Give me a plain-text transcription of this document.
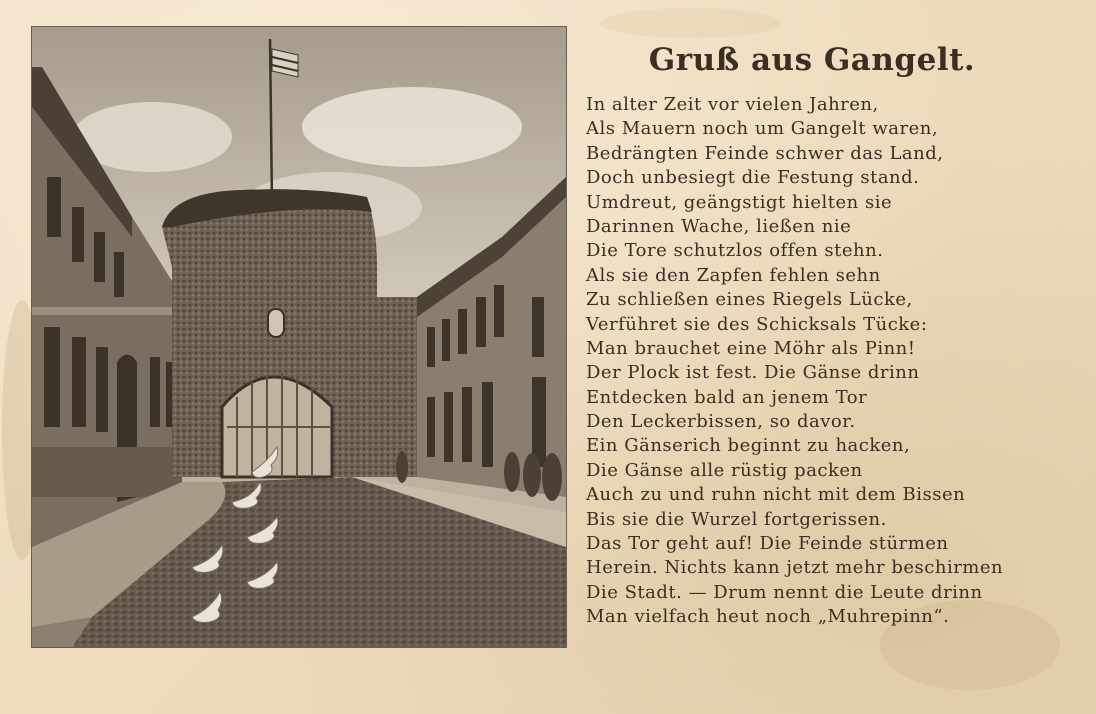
Gruß aus Gangelt.
In alter Zeit vor vielen Jahren,
Als Mauern noch um Gangelt waren,
Bedrängten Feinde schwer das Land,
Doch unbesiegt die Festung stand.
Umdreut, geängstigt hielten sie
Darinnen Wache, ließen nie
Die Tore schutzlos offen stehn.
Als sie den Zapfen fehlen sehn
Zu schließen eines Riegels Lücke,
Verführet sie des Schicksals Tücke:
Man brauchet eine Möhr als Pinn!
Der Plock ist fest. Die Gänse drinn
Entdecken bald an jenem Tor
Den Leckerbissen, so davor.
Ein Gänserich beginnt zu hacken,
Die Gänse alle rüstig packen
Auch zu und ruhn nicht mit dem Bissen
Bis sie die Wurzel fortgerissen.
Das Tor geht auf! Die Feinde stürmen
Herein. Nichts kann jetzt mehr beschirmen
Die Stadt. — Drum nennt die Leute drinn
Man vielfach heut noch „Muhrepinn“.
